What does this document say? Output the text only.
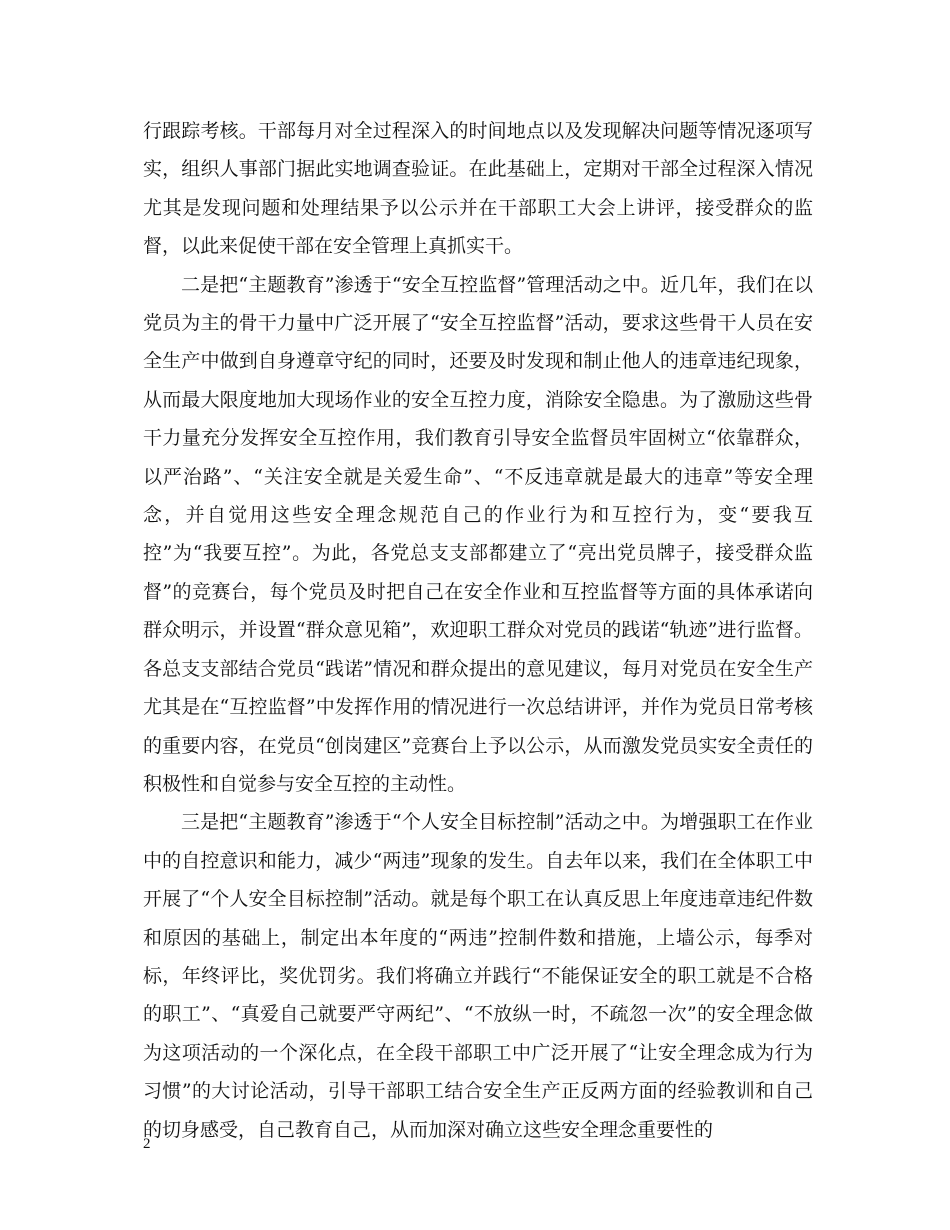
行跟踪考核。干部每月对全过程深入的时间地点以及发现解决问题等情况逐项写实，组织人事部门据此实地调查验证。在此基础上，定期对干部全过程深入情况尤其是发现问题和处理结果予以公示并在干部职工大会上讲评，接受群众的监督，以此来促使干部在安全管理上真抓实干。

二是把“主题教育”渗透于“安全互控监督”管理活动之中。近几年，我们在以党员为主的骨干力量中广泛开展了“安全互控监督”活动，要求这些骨干人员在安全生产中做到自身遵章守纪的同时，还要及时发现和制止他人的违章违纪现象，从而最大限度地加大现场作业的安全互控力度，消除安全隐患。为了激励这些骨干力量充分发挥安全互控作用，我们教育引导安全监督员牢固树立“依靠群众，以严治路”、“关注安全就是关爱生命”、“不反违章就是最大的违章”等安全理念，并自觉用这些安全理念规范自己的作业行为和互控行为，变“要我互控”为“我要互控”。为此，各党总支支部都建立了“亮出党员牌子，接受群众监督”的竞赛台，每个党员及时把自己在安全作业和互控监督等方面的具体承诺向群众明示，并设置“群众意见箱”，欢迎职工群众对党员的践诺“轨迹”进行监督。各总支支部结合党员“践诺”情况和群众提出的意见建议，每月对党员在安全生产尤其是在“互控监督”中发挥作用的情况进行一次总结讲评，并作为党员日常考核的重要内容，在党员“创岗建区”竞赛台上予以公示，从而激发党员实安全责任的积极性和自觉参与安全互控的主动性。

三是把“主题教育”渗透于“个人安全目标控制”活动之中。为增强职工在作业中的自控意识和能力，减少“两违”现象的发生。自去年以来，我们在全体职工中开展了“个人安全目标控制”活动。就是每个职工在认真反思上年度违章违纪件数和原因的基础上，制定出本年度的“两违”控制件数和措施，上墙公示，每季对标，年终评比，奖优罚劣。我们将确立并践行“不能保证安全的职工就是不合格的职工”、“真爱自己就要严守两纪”、“不放纵一时，不疏忽一次”的安全理念做为这项活动的一个深化点，在全段干部职工中广泛开展了“让安全理念成为行为习惯”的大讨论活动，引导干部职工结合安全生产正反两方面的经验教训和自己的切身感受，自己教育自己，从而加深对确立这些安全理念重要性的

2
